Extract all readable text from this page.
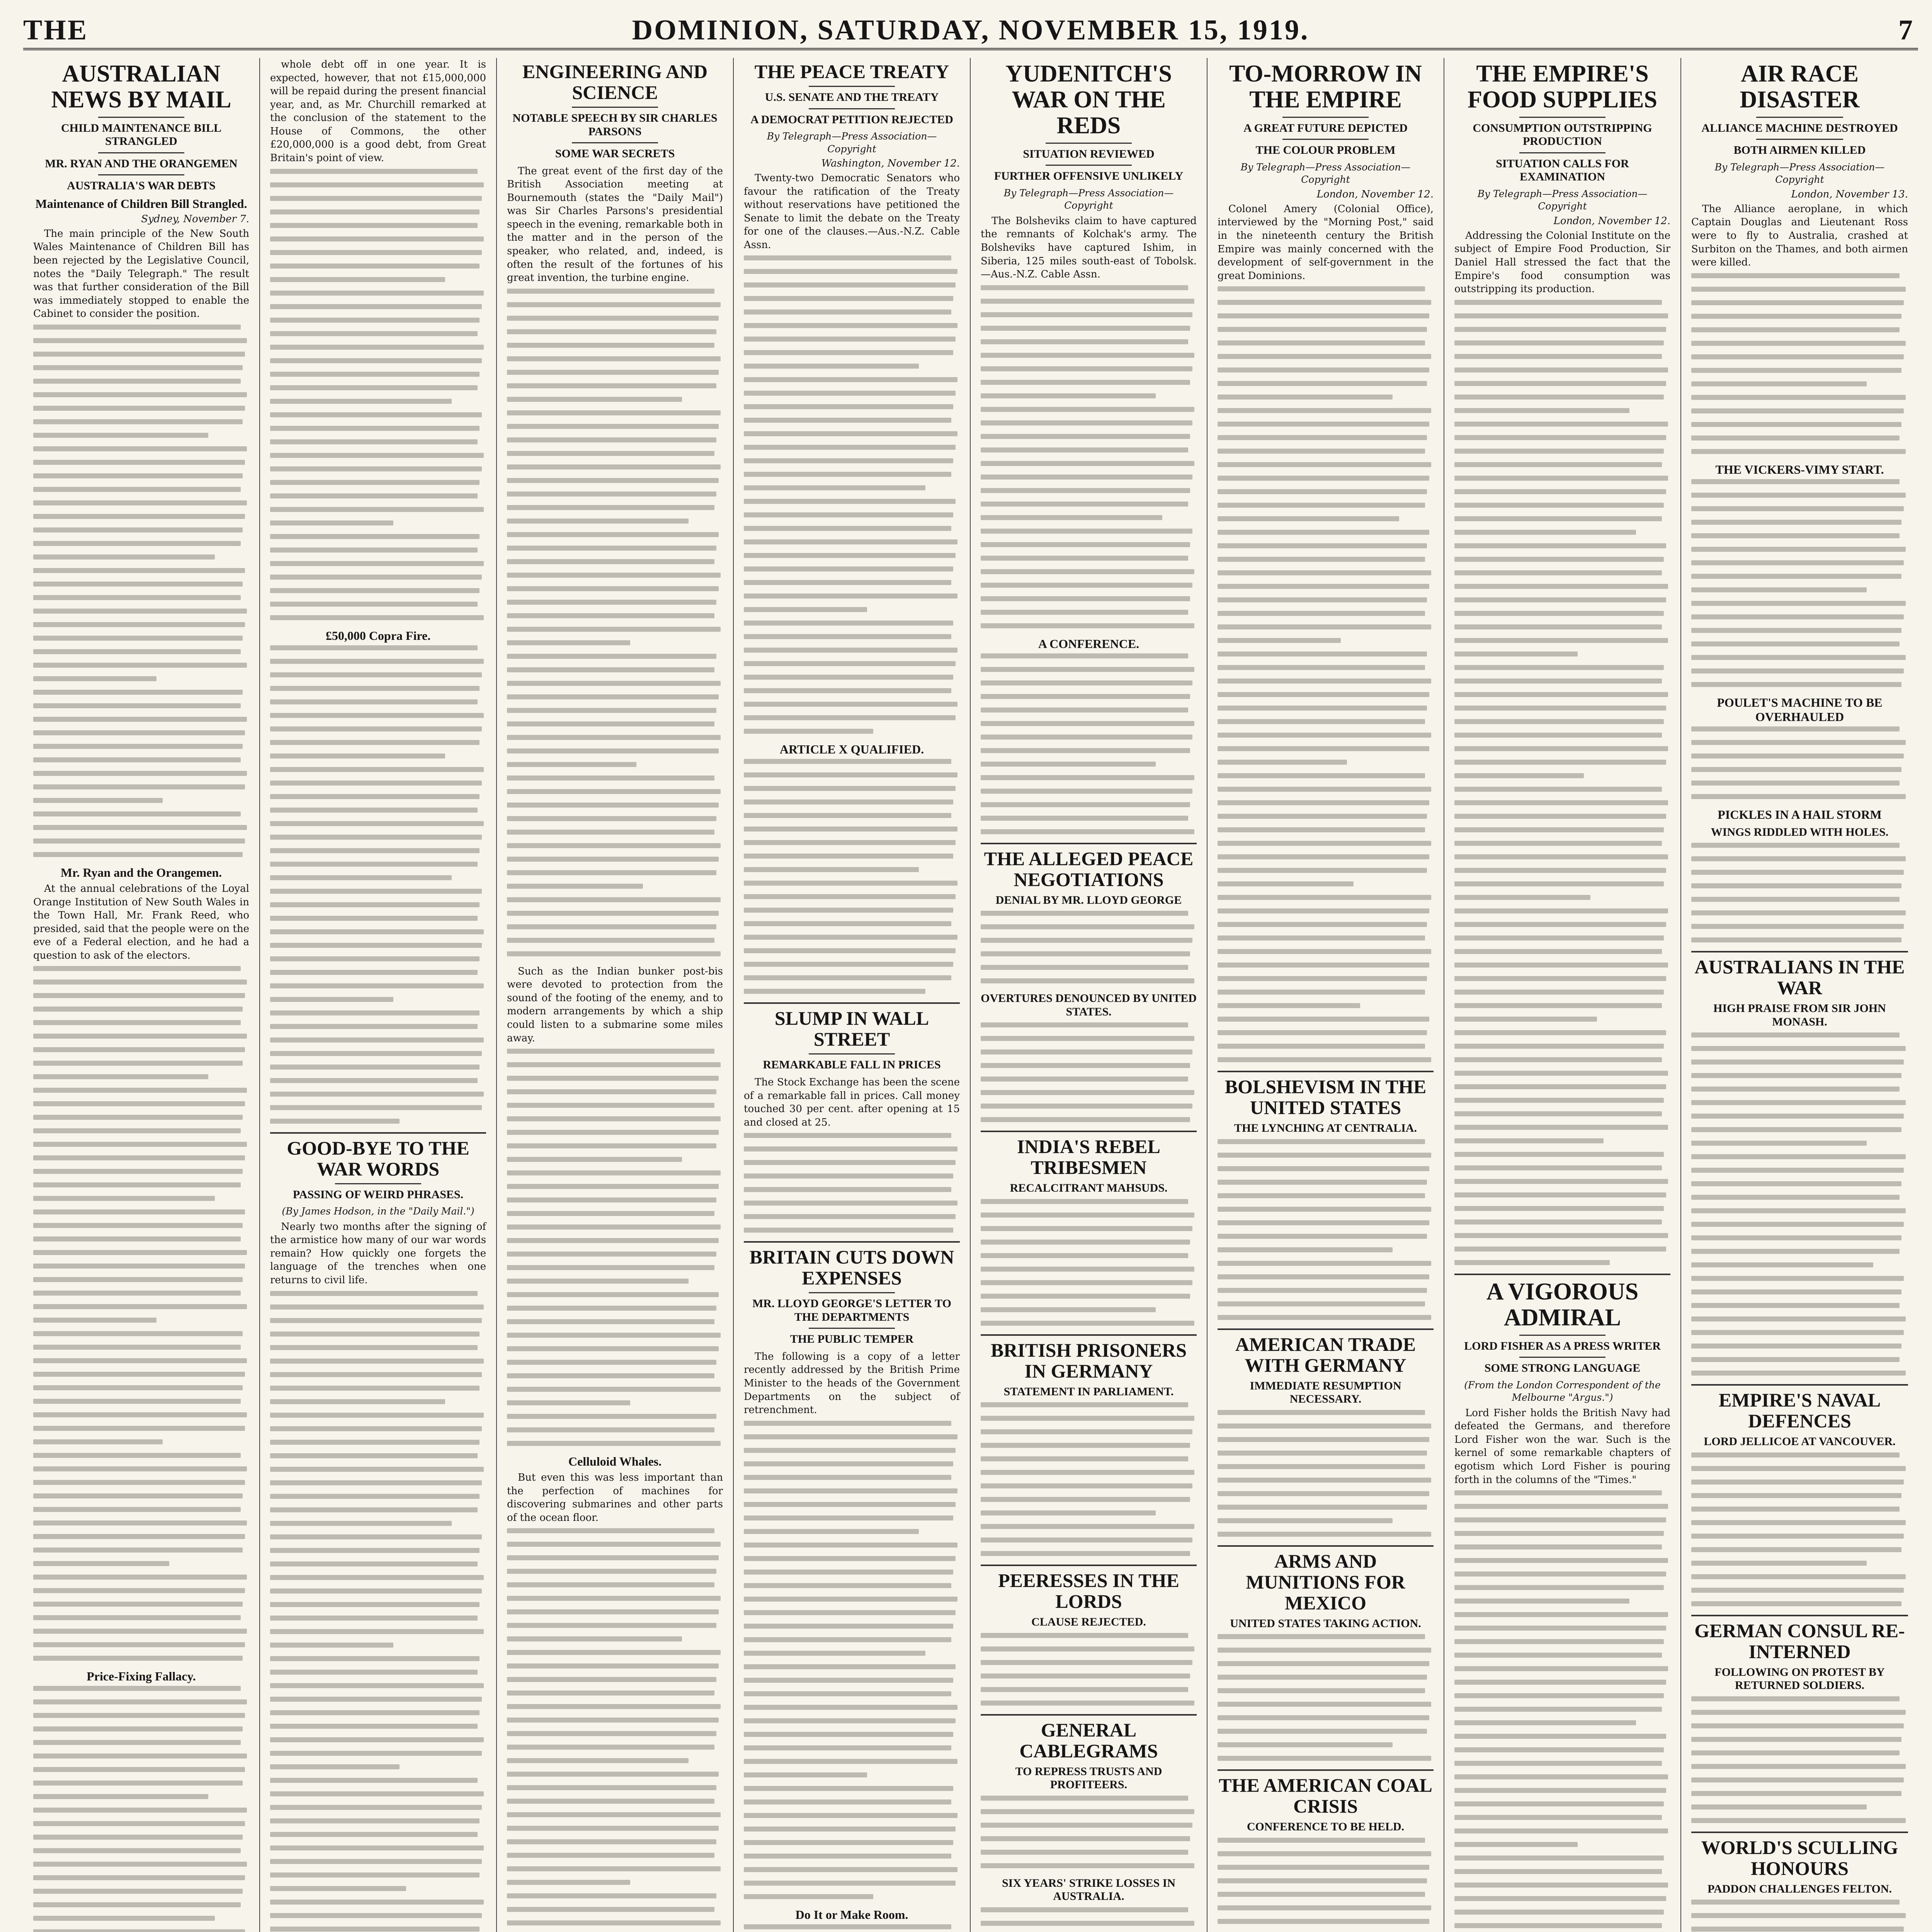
THE	DOMINION, SATURDAY, NOVEMBER 15, 1919.	7
AUSTRALIAN NEWS BY MAIL
CHILD MAINTENANCE BILL STRANGLED
MR. RYAN AND THE ORANGEMEN
AUSTRALIA'S WAR DEBTS
Maintenance of Children Bill Strangled.
Sydney, November 7.

The main principle of the New South Wales Maintenance of Children Bill has been rejected by the Legislative Council, notes the "Daily Telegraph." The result was that further consideration of the Bill was immediately stopped to enable the Cabinet to consider the position.

Mr. Ryan and the Orangemen.

At the annual celebrations of the Loyal Orange Institution of New South Wales in the Town Hall, Mr. Frank Reed, who presided, said that the people were on the eve of a Federal election, and he had a question to ask of the electors.

Price-Fixing Fallacy.

whole debt off in one year. It is expected, however, that not £15,000,000 will be repaid during the present financial year, and, as Mr. Churchill remarked at the conclusion of the statement to the House of Commons, the other £20,000,000 is a good debt, from Great Britain's point of view.

£50,000 Copra Fire.
GOOD-BYE TO THE WAR WORDS
PASSING OF WEIRD PHRASES.
(By James Hodson, in the "Daily Mail.")

Nearly two months after the signing of the armistice how many of our war words remain? How quickly one forgets the language of the trenches when one returns to civil life.

ENGINEERING AND SCIENCE
NOTABLE SPEECH BY SIR CHARLES PARSONS
SOME WAR SECRETS

The great event of the first day of the British Association meeting at Bournemouth (states the "Daily Mail") was Sir Charles Parsons's presidential speech in the evening, remarkable both in the matter and in the person of the speaker, who related, and, indeed, is often the result of the fortunes of his great invention, the turbine engine.

Such as the Indian bunker post-bis were devoted to protection from the sound of the footing of the enemy, and to modern arrangements by which a ship could listen to a submarine some miles away.

Celluloid Whales.

But even this was less important than the perfection of machines for discovering submarines and other parts of the ocean floor.

THE PEACE TREATY
U.S. SENATE AND THE TREATY
A DEMOCRAT PETITION REJECTED
By Telegraph—Press Association—Copyright
Washington, November 12.

Twenty-two Democratic Senators who favour the ratification of the Treaty without reservations have petitioned the Senate to limit the debate on the Treaty for one of the clauses.—Aus.-N.Z. Cable Assn.

ARTICLE X QUALIFIED.
SLUMP IN WALL STREET
REMARKABLE FALL IN PRICES

The Stock Exchange has been the scene of a remarkable fall in prices. Call money touched 30 per cent. after opening at 15 and closed at 25.

BRITAIN CUTS DOWN EXPENSES
MR. LLOYD GEORGE'S LETTER TO THE DEPARTMENTS
THE PUBLIC TEMPER

The following is a copy of a letter recently addressed by the British Prime Minister to the heads of the Government Departments on the subject of retrenchment.

Do It or Make Room.
YUDENITCH'S WAR ON THE REDS
SITUATION REVIEWED
FURTHER OFFENSIVE UNLIKELY
By Telegraph—Press Association—Copyright

The Bolsheviks claim to have captured the remnants of Kolchak's army. The Bolsheviks have captured Ishim, in Siberia, 125 miles south-east of Tobolsk.—Aus.-N.Z. Cable Assn.

A CONFERENCE.
THE ALLEGED PEACE NEGOTIATIONS
DENIAL BY MR. LLOYD GEORGE
OVERTURES DENOUNCED BY UNITED STATES.
INDIA'S REBEL TRIBESMEN
RECALCITRANT MAHSUDS.
BRITISH PRISONERS IN GERMANY
STATEMENT IN PARLIAMENT.
PEERESSES IN THE LORDS
CLAUSE REJECTED.
GENERAL CABLEGRAMS
TO REPRESS TRUSTS AND PROFITEERS.
SIX YEARS' STRIKE LOSSES IN AUSTRALIA.
TO-MORROW IN THE EMPIRE
A GREAT FUTURE DEPICTED
THE COLOUR PROBLEM
By Telegraph—Press Association—Copyright
London, November 12.

Colonel Amery (Colonial Office), interviewed by the "Morning Post," said in the nineteenth century the British Empire was mainly concerned with the development of self-government in the great Dominions.

BOLSHEVISM IN THE UNITED STATES
THE LYNCHING AT CENTRALIA.
AMERICAN TRADE WITH GERMANY
IMMEDIATE RESUMPTION NECESSARY.
ARMS AND MUNITIONS FOR MEXICO
UNITED STATES TAKING ACTION.
THE AMERICAN COAL CRISIS
CONFERENCE TO BE HELD.

THE EMPIRE'S FOOD SUPPLIES
CONSUMPTION OUTSTRIPPING PRODUCTION
SITUATION CALLS FOR EXAMINATION
By Telegraph—Press Association—Copyright
London, November 12.

Addressing the Colonial Institute on the subject of Empire Food Production, Sir Daniel Hall stressed the fact that the Empire's food consumption was outstripping its production.

A VIGOROUS ADMIRAL
LORD FISHER AS A PRESS WRITER
SOME STRONG LANGUAGE
(From the London Correspondent of the Melbourne "Argus.")

Lord Fisher holds the British Navy had defeated the Germans, and therefore Lord Fisher won the war. Such is the kernel of some remarkable chapters of egotism which Lord Fisher is pouring forth in the columns of the "Times."

AIR RACE DISASTER
ALLIANCE MACHINE DESTROYED
BOTH AIRMEN KILLED
By Telegraph—Press Association—Copyright
London, November 13.

The Alliance aeroplane, in which Captain Douglas and Lieutenant Ross were to fly to Australia, crashed at Surbiton on the Thames, and both airmen were killed.

THE VICKERS-VIMY START.
POULET'S MACHINE TO BE OVERHAULED
PICKLES IN A HAIL STORM
WINGS RIDDLED WITH HOLES.
AUSTRALIANS IN THE WAR
HIGH PRAISE FROM SIR JOHN MONASH.
EMPIRE'S NAVAL DEFENCES
LORD JELLICOE AT VANCOUVER.
GERMAN CONSUL RE-INTERNED
FOLLOWING ON PROTEST BY RETURNED SOLDIERS.
WORLD'S SCULLING HONOURS
PADDON CHALLENGES FELTON.
